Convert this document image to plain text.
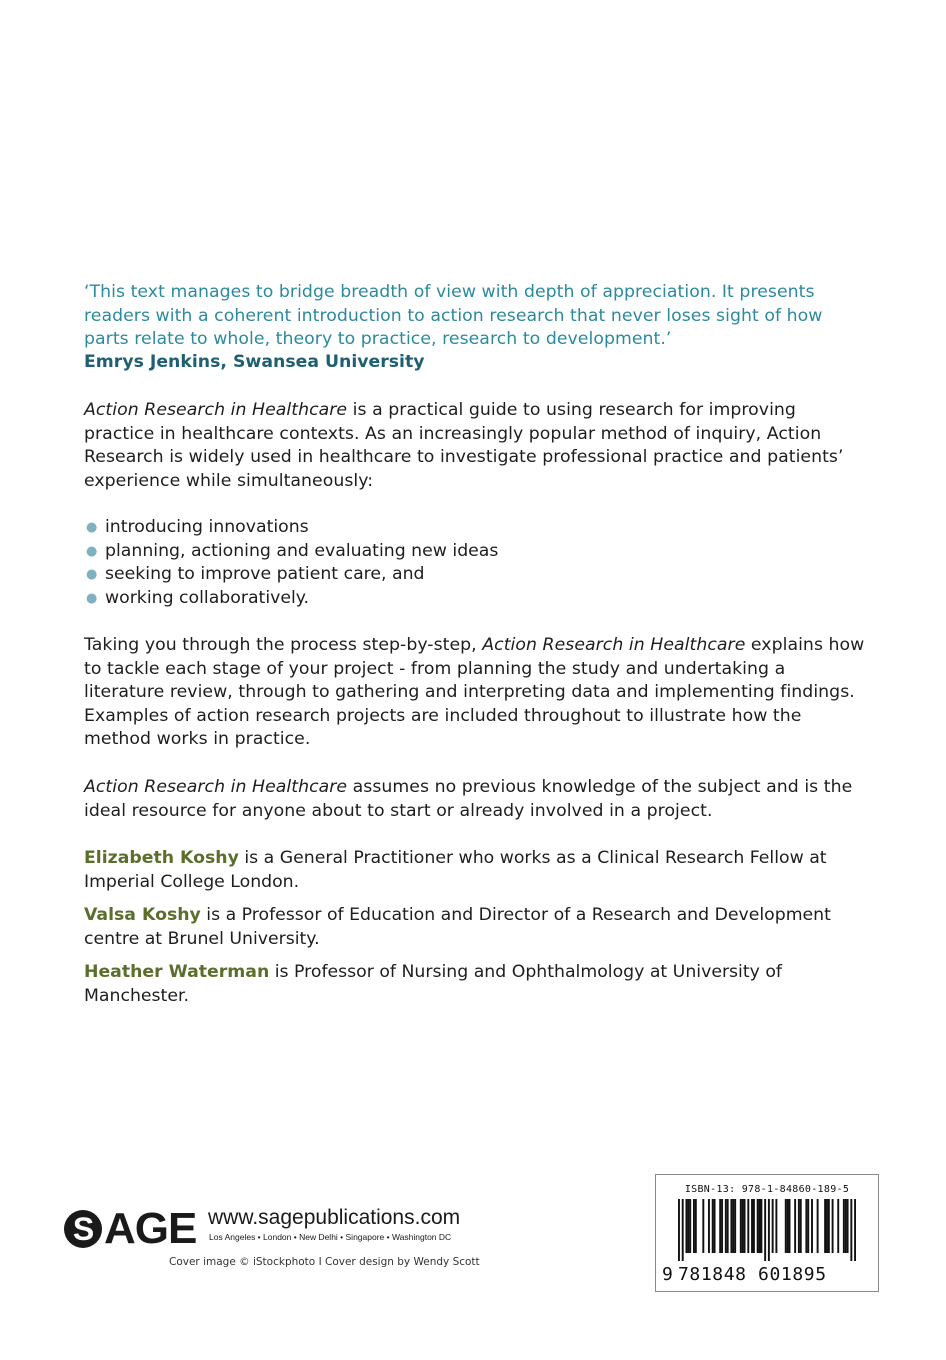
‘This text manages to bridge breadth of view with depth of appreciation. It presents readers with a coherent introduction to action research that never loses sight of how parts relate to whole, theory to practice, research to development.’

Emrys Jenkins, Swansea University

Action Research in Healthcare is a practical guide to using research for improving practice in healthcare contexts. As an increasingly popular method of inquiry, Action Research is widely used in healthcare to investigate professional practice and patients’ experience while simultaneously:

● introducing innovations
● planning, actioning and evaluating new ideas
● seeking to improve patient care, and
● working collaboratively.

Taking you through the process step-by-step, Action Research in Healthcare explains how to tackle each stage of your project - from planning the study and undertaking a literature review, through to gathering and interpreting data and implementing findings. Examples of action research projects are included throughout to illustrate how the method works in practice.

Action Research in Healthcare assumes no previous knowledge of the subject and is the ideal resource for anyone about to start or already involved in a project.

Elizabeth Koshy is a General Practitioner who works as a Clinical Research Fellow at Imperial College London.

Valsa Koshy is a Professor of Education and Director of a Research and Development centre at Brunel University.

Heather Waterman is Professor of Nursing and Ophthalmology at University of Manchester.

S AGE www.sagepublications.com
Los Angeles • London • New Delhi • Singapore • Washington DC
Cover image © iStockphoto I Cover design by Wendy Scott
ISBN-13: 978-1-84860-189-5
9 781848 601895
